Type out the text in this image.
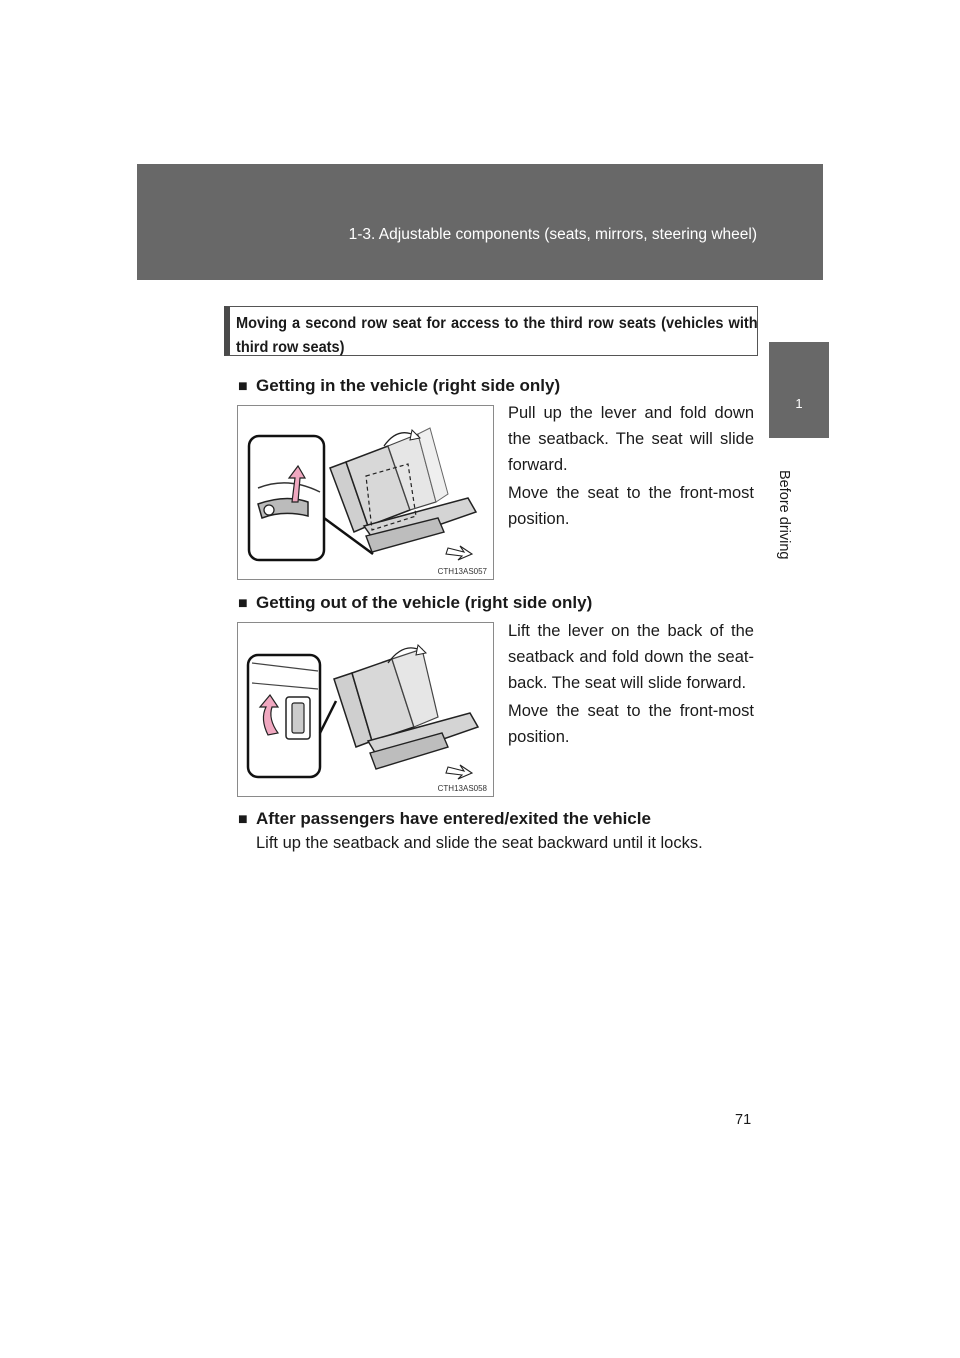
1-3. Adjustable components (seats, mirrors, steering wheel)
1
Before driving
Moving a second row seat for access to the third row seats (vehicles with third row seats)
■ Getting in the vehicle (right side only)
CTH13AS057

Pull up the lever and fold down the seatback. The seat will slide forward.

Move the seat to the front-most position.

■ Getting out of the vehicle (right side only)
CTH13AS058

Lift the lever on the back of the seatback and fold down the seat-back. The seat will slide forward.

Move the seat to the front-most position.

■ After passengers have entered/exited the vehicle
Lift up the seatback and slide the seat backward until it locks.
71
